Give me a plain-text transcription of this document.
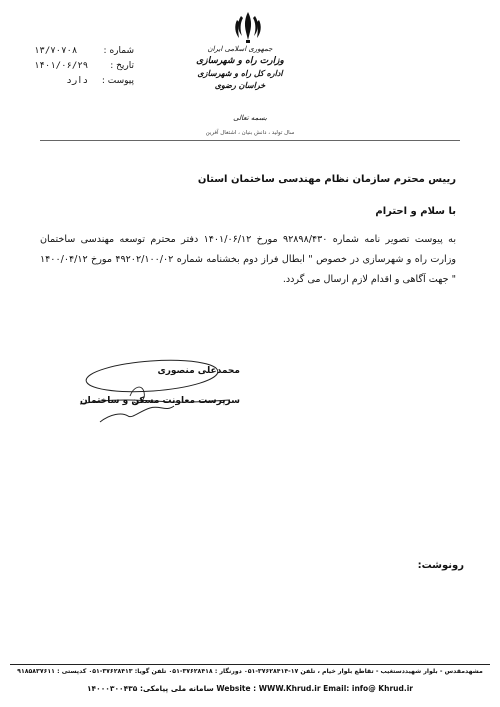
۱۳/۷۰۷۰۸	شماره :
۱۴۰۱/۰۶/۲۹	تاریخ :
دارد	پیوست :
جمهوری اسلامی ایران
وزارت راه و شهرسازی
اداره کل راه و شهرسازی خراسان رضوی
بسمه تعالی
سال تولید ، دانش بنیان ، اشتغال آفرین
رییس محترم سازمان نظام مهندسی ساختمان استان
با سلام و احترام
به پیوست تصویر نامه شماره ۹۲۸۹۸/۴۳۰ مورخ ۱۴۰۱/۰۶/۱۲ دفتر محترم توسعه مهندسی ساختمان وزارت راه و شهرسازی در خصوص " ابطال فراز دوم بخشنامه شماره ۴۹۲۰۲/۱۰۰/۰۲ مورخ ۱۴۰۰/۰۴/۱۲ " جهت آگاهی و اقدام لازم ارسال می گردد.
محمدعلی منصوری
سرپرست معاونت مسکن و ساختمان
رونوشت:
مشهدمقدس - بلوار شهیددستغیب - تقاطع بلوار خیام ، تلفن ۱۷-۳۷۶۲۸۴۱۴-۰۵۱ دورنگار : ۳۷۶۲۸۴۱۸-۰۵۱ تلفن گویا: ۳۷۶۲۸۴۱۳-۰۵۱ کدپستی : ۹۱۸۵۸۳۷۶۱۱
Website : WWW.Khrud.ir Email: info@ Khrud.ir سامانه ملی پیامکی: ۱۴۰۰۰۳۰۰۴۳۵
